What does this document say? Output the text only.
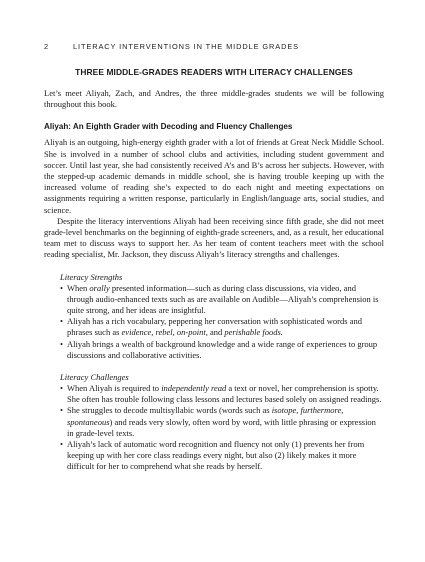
2	LITERACY INTERVENTIONS IN THE MIDDLE GRADES
THREE MIDDLE-GRADES READERS WITH LITERACY CHALLENGES

Let’s meet Aliyah, Zach, and Andres, the three middle-grades students we will be following throughout this book.

Aliyah: An Eighth Grader with Decoding and Fluency Challenges

Aliyah is an outgoing, high-energy eighth grader with a lot of friends at Great Neck Middle School. She is involved in a number of school clubs and activities, including student government and soccer. Until last year, she had consistently received A’s and B’s across her subjects. However, with the stepped-up academic demands in middle school, she is having trouble keeping up with the increased volume of reading she’s expected to do each night and meeting expectations on assignments requiring a written response, particularly in English/language arts, social studies, and science.

Despite the literacy interventions Aliyah had been receiving since fifth grade, she did not meet grade-level benchmarks on the beginning of eighth-grade screeners, and, as a result, her educational team met to discuss ways to support her. As her team of content teachers meet with the school reading specialist, Mr. Jackson, they discuss Aliyah’s literacy strengths and challenges.

Literacy Strengths
• When orally presented information—such as during class discussions, via video, and through audio-enhanced texts such as are available on Audible—Aliyah’s comprehension is quite strong, and her ideas are insightful.
• Aliyah has a rich vocabulary, peppering her conversation with sophisticated words and phrases such as evidence, rebel, on-point, and perishable foods.
• Aliyah brings a wealth of background knowledge and a wide range of experiences to group discussions and collaborative activities.
Literacy Challenges
• When Aliyah is required to independently read a text or novel, her comprehension is spotty. She often has trouble following class lessons and lectures based solely on assigned readings.
• She struggles to decode multisyllabic words (words such as isotope, furthermore, spontaneous) and reads very slowly, often word by word, with little phrasing or expression in grade-level texts.
• Aliyah’s lack of automatic word recognition and fluency not only (1) prevents her from keeping up with her core class readings every night, but also (2) likely makes it more difficult for her to comprehend what she reads by herself.
